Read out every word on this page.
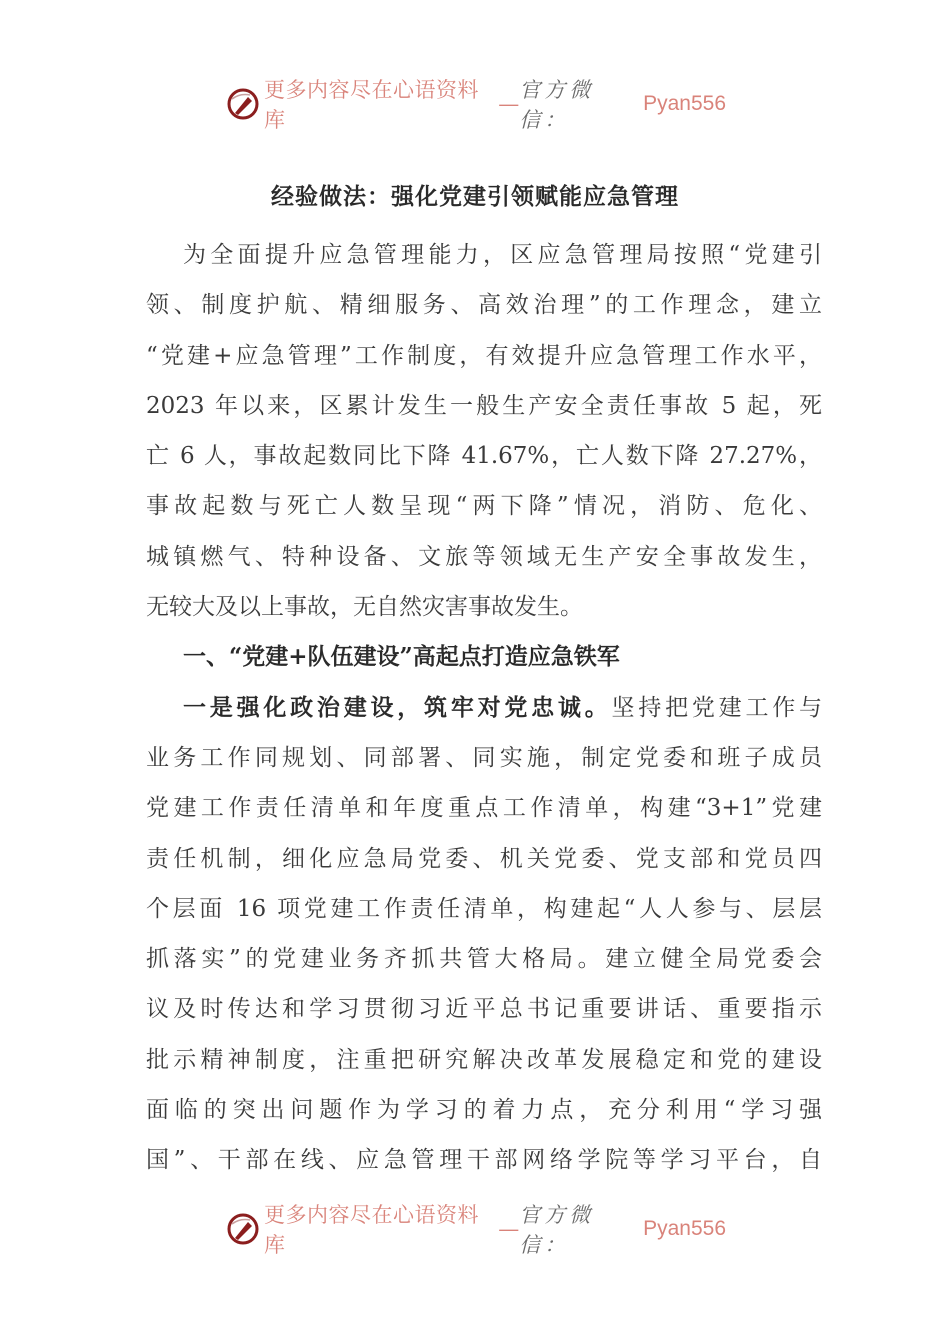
更多内容尽在心语资料库
—
官方微信：
Pyan556
经验做法：强化党建引领赋能应急管理
为全面提升应急管理能力，区应急管理局按照“党建引
领、制度护航、精细服务、高效治理”的工作理念，建立
“党建+应急管理”工作制度，有效提升应急管理工作水平，
2023 年以来，区累计发生一般生产安全责任事故 5 起，死
亡 6 人，事故起数同比下降 41.67%，亡人数下降 27.27%，
事故起数与死亡人数呈现“两下降”情况，消防、危化、
城镇燃气、特种设备、文旅等领域无生产安全事故发生，
无较大及以上事故，无自然灾害事故发生。
一、“党建+队伍建设”高起点打造应急铁军
一是强化政治建设，筑牢对党忠诚。坚持把党建工作与
业务工作同规划、同部署、同实施，制定党委和班子成员
党建工作责任清单和年度重点工作清单，构建“3+1”党建
责任机制，细化应急局党委、机关党委、党支部和党员四
个层面 16 项党建工作责任清单，构建起“人人参与、层层
抓落实”的党建业务齐抓共管大格局。建立健全局党委会
议及时传达和学习贯彻习近平总书记重要讲话、重要指示
批示精神制度，注重把研究解决改革发展稳定和党的建设
面临的突出问题作为学习的着力点，充分利用“学习强
国”、干部在线、应急管理干部网络学院等学习平台，自
更多内容尽在心语资料库
—
官方微信：
Pyan556
